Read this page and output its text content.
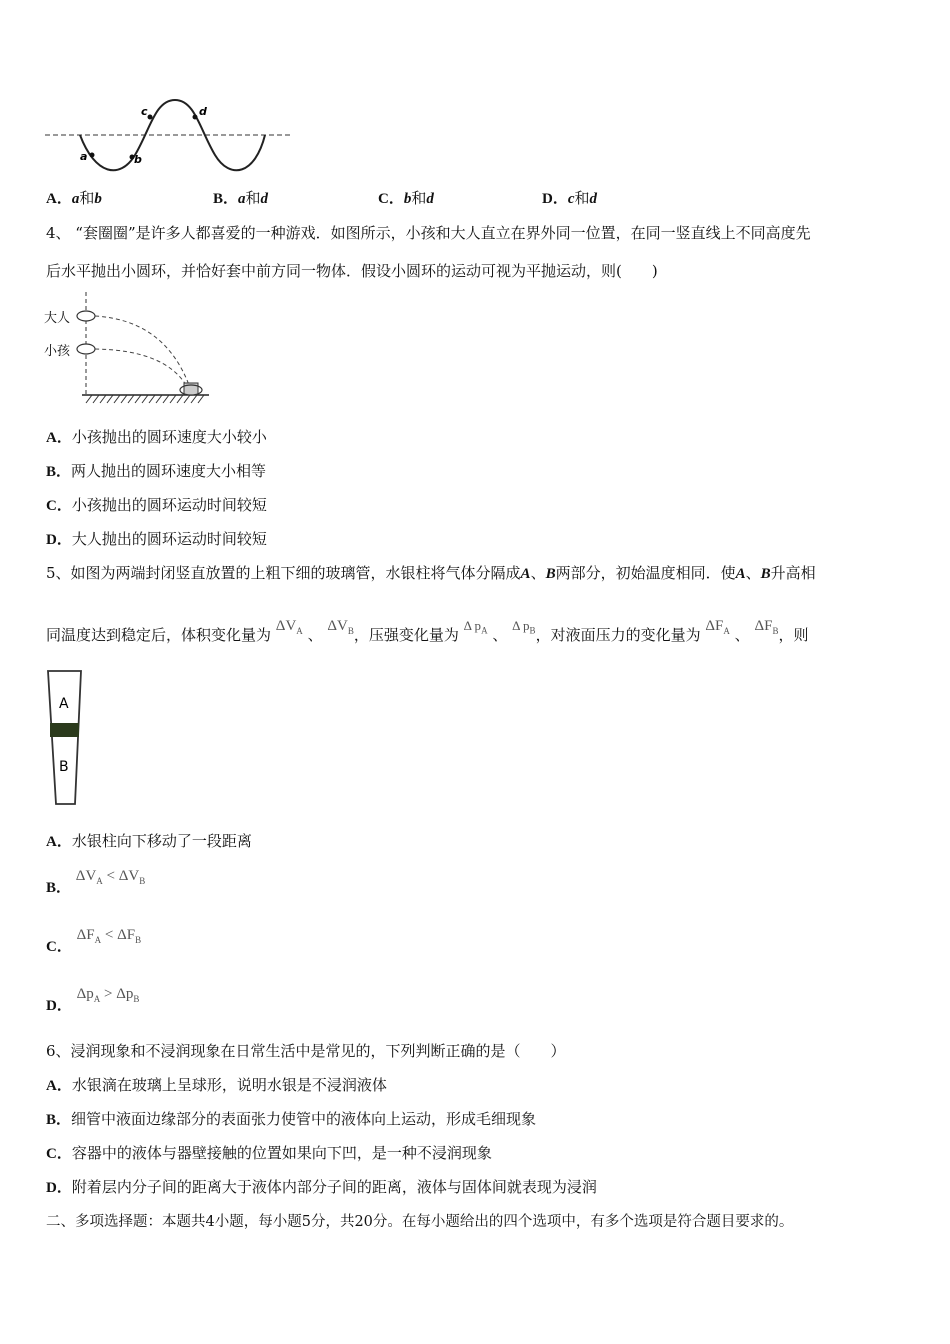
a	b
c	d
A．a和b	B．a和d	C．b和d	D．c和d
4、 “套圈圈”是许多人都喜爱的一种游戏．如图所示，小孩和大人直立在界外同一位置，在同一竖直线上不同高度先
后水平抛出小圆环，并恰好套中前方同一物体．假设小圆环的运动可视为平抛运动，则(　　)
大人
小孩
A．小孩抛出的圆环速度大小较小
B．两人抛出的圆环速度大小相等
C．小孩抛出的圆环运动时间较短
D．大人抛出的圆环运动时间较短
5、如图为两端封闭竖直放置的上粗下细的玻璃管，水银柱将气体分隔成A、B两部分，初始温度相同．使A、B升高相
同温度达到稳定后，体积变化量为 $\Delta V_A$ 、 $\Delta V_B$，压强变化量为 Δ $p_A$ 、 Δ $p_B$，对液面压力的变化量为 $\Delta F_A$ 、 $\Delta F_B$，则
A
B
A．水银柱向下移动了一段距离
B． $\Delta V_A < \Delta V_B$
C． $\Delta F_A < \Delta F_B$
D． $\Delta p_A > \Delta p_B$
6、浸润现象和不浸润现象在日常生活中是常见的，下列判断正确的是（　　）
A．水银滴在玻璃上呈球形，说明水银是不浸润液体
B．细管中液面边缘部分的表面张力使管中的液体向上运动，形成毛细现象
C．容器中的液体与器壁接触的位置如果向下凹，是一种不浸润现象
D．附着层内分子间的距离大于液体内部分子间的距离，液体与固体间就表现为浸润
二、多项选择题：本题共4小题，每小题5分，共20分。在每小题给出的四个选项中，有多个选项是符合题目要求的。
